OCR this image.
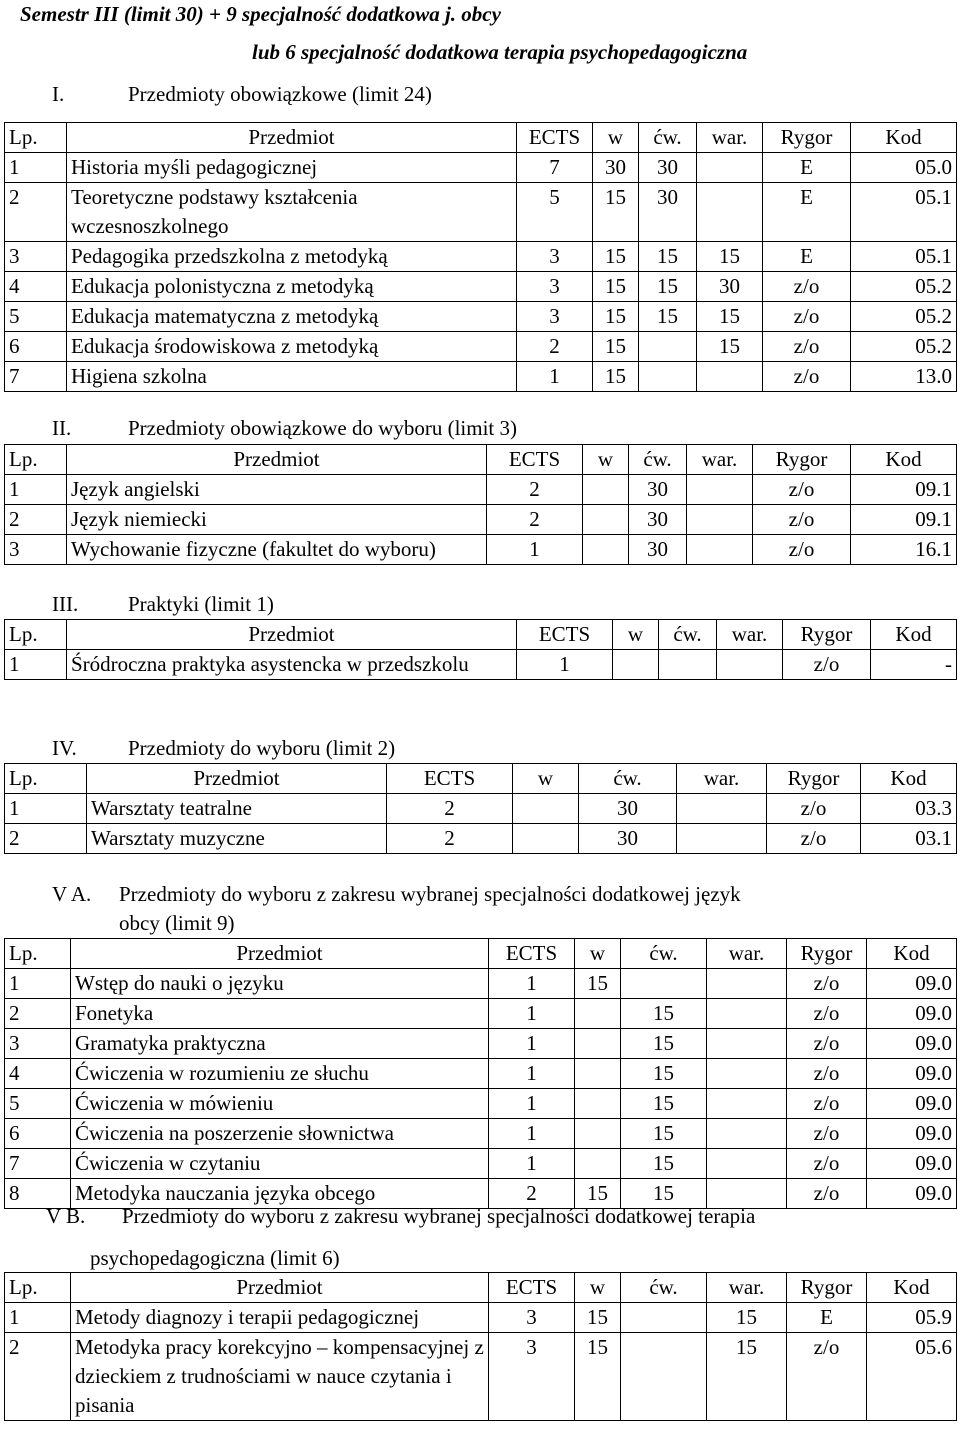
Semestr III (limit 30) + 9 specjalność dodatkowa j. obcy
lub 6 specjalność dodatkowa terapia psychopedagogiczna
I.	Przedmioty obowiązkowe (limit 24)
Lp.	Przedmiot	ECTS	w	ćw.	war.	Rygor	Kod
1	Historia myśli pedagogicznej	7	30	30		E	05.0
2	Teoretyczne podstawy kształcenia wczesnoszkolnego	5	15	30		E	05.1
3	Pedagogika przedszkolna z metodyką	3	15	15	15	E	05.1
4	Edukacja polonistyczna z metodyką	3	15	15	30	z/o	05.2
5	Edukacja matematyczna z metodyką	3	15	15	15	z/o	05.2
6	Edukacja środowiskowa z metodyką	2	15		15	z/o	05.2
7	Higiena szkolna	1	15			z/o	13.0
II.	Przedmioty obowiązkowe do wyboru (limit 3)
Lp.	Przedmiot	ECTS	w	ćw.	war.	Rygor	Kod
1	Język angielski	2		30		z/o	09.1
2	Język niemiecki	2		30		z/o	09.1
3	Wychowanie fizyczne (fakultet do wyboru)	1		30		z/o	16.1
III. Praktyki (limit 1)
Lp.	Przedmiot	ECTS	w	ćw.	war.	Rygor	Kod
1	Śródroczna praktyka asystencka w przedszkolu	1				z/o	-
IV. Przedmioty do wyboru (limit 2)
Lp.	Przedmiot	ECTS	w	ćw.	war.	Rygor	Kod
1	Warsztaty teatralne	2		30		z/o	03.3
2	Warsztaty muzyczne	2		30		z/o	03.1
V A. Przedmioty do wyboru z zakresu wybranej specjalności dodatkowej język
obcy (limit 9)
Lp.	Przedmiot	ECTS	w	ćw.	war.	Rygor	Kod
1	Wstęp do nauki o języku	1	15			z/o	09.0
2	Fonetyka	1		15		z/o	09.0
3	Gramatyka praktyczna	1		15		z/o	09.0
4	Ćwiczenia w rozumieniu ze słuchu	1		15		z/o	09.0
5	Ćwiczenia w mówieniu	1		15		z/o	09.0
6	Ćwiczenia na poszerzenie słownictwa	1		15		z/o	09.0
7	Ćwiczenia w czytaniu	1		15		z/o	09.0
8	Metodyka nauczania języka obcego	2	15	15		z/o	09.0
V B. Przedmioty do wyboru z zakresu wybranej specjalności dodatkowej terapia
psychopedagogiczna (limit 6)
Lp.	Przedmiot	ECTS	w	ćw.	war.	Rygor	Kod
1	Metody diagnozy i terapii pedagogicznej	3	15		15	E	05.9
2	Metodyka pracy korekcyjno – kompensacyjnej z dzieckiem z trudnościami w nauce czytania i pisania	3	15		15	z/o	05.6
